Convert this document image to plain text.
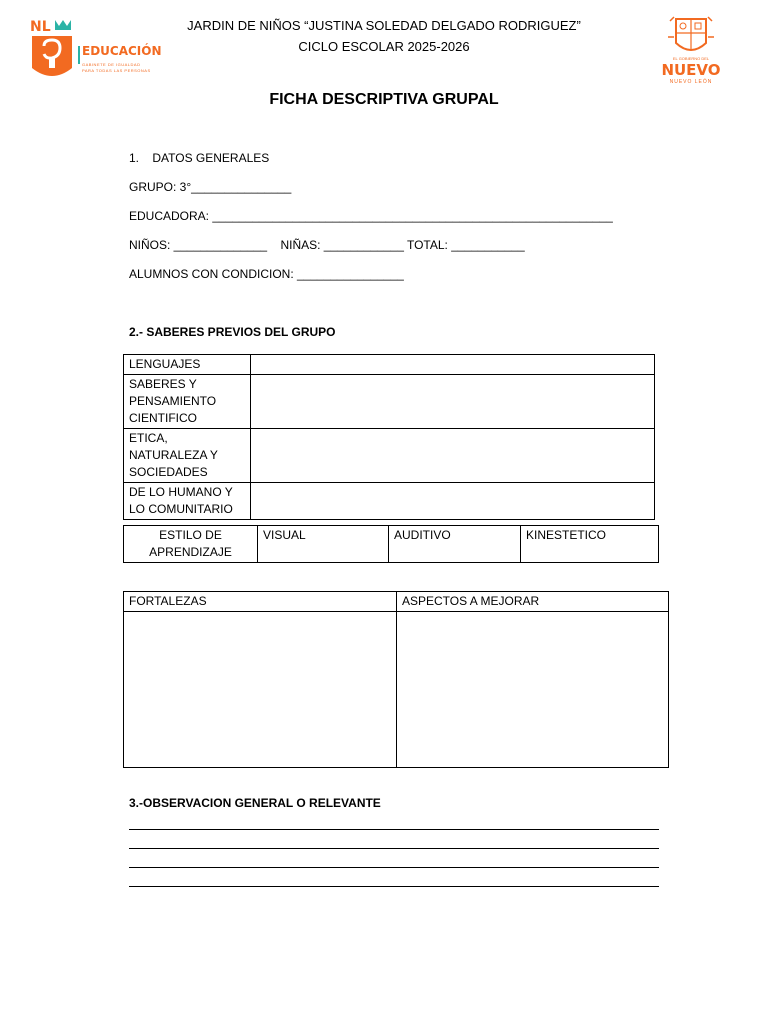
NL
EDUCACIÓN
GABINETE DE IGUALDAD
PARA TODAS LAS PERSONAS
EL GOBIERNO DEL
NUEVO
NUEVO LEÓN
JARDIN DE NIÑOS “JUSTINA SOLEDAD DELGADO RODRIGUEZ”
CICLO ESCOLAR 2025-2026
FICHA DESCRIPTIVA GRUPAL
1.    DATOS GENERALES
GRUPO: 3°_______________
EDUCADORA: ____________________________________________________________
NIÑOS: ______________    NIÑAS: ____________ TOTAL: ___________
ALUMNOS CON CONDICION: ________________
2.- SABERES PREVIOS DEL GRUPO
LENGUAJES	
SABERES Y PENSAMIENTO CIENTIFICO	
ETICA, NATURALEZA Y SOCIEDADES	
DE LO HUMANO Y LO COMUNITARIO	
ESTILO DE APRENDIZAJE	VISUAL	AUDITIVO	KINESTETICO
FORTALEZAS	ASPECTOS A MEJORAR

3.-OBSERVACION GENERAL O RELEVANTE
